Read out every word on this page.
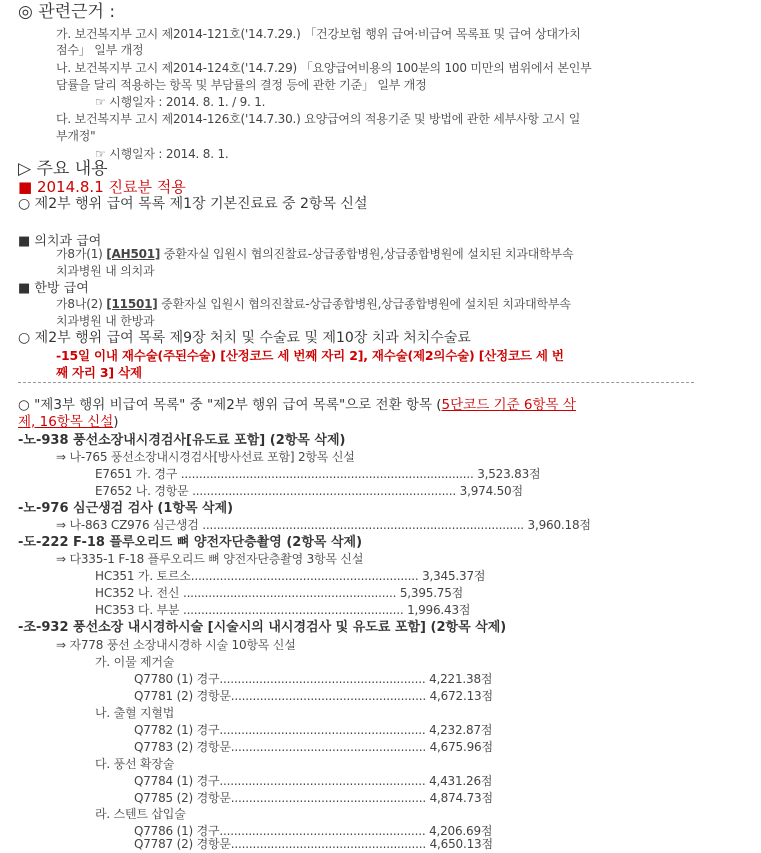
◎ 관련근거 :
가. 보건복지부 고시 제2014-121호('14.7.29.) 「건강보험 행위 급여·비급여 목록표 및 급여 상대가치
점수」 일부 개정
나. 보건복지부 고시 제2014-124호('14.7.29) 「요양급여비용의 100분의 100 미만의 범위에서 본인부
담률을 달리 적용하는 항목 및 부담률의 결정 등에 관한 기준」 일부 개정
☞ 시행일자 : 2014. 8. 1. / 9. 1.
다. 보건복지부 고시 제2014-126호('14.7.30.) 요양급여의 적용기준 및 방법에 관한 세부사항 고시 일
부개정"
☞ 시행일자 : 2014. 8. 1.
▷ 주요 내용
■ 2014.8.1 진료분 적용
○ 제2부 행위 급여 목록 제1장 기본진료료 중 2항목 신설
■ 의치과 급여
가8가(1) [AH501] 중환자실 입원시 협의진찰료-상급종합병원,상급종합병원에 설치된 치과대학부속
치과병원 내 의치과
■ 한방 급여
가8나(2) [11501] 중환자실 입원시 협의진찰료-상급종합병원,상급종합병원에 설치된 치과대학부속
치과병원 내 한방과
○ 제2부 행위 급여 목록 제9장 처치 및 수술료 및 제10장 치과 처치수술료
-15일 이내 재수술(주된수술) [산정코드 세 번째 자리 2], 재수술(제2의수술) [산정코드 세 번
째 자리 3] 삭제
○ "제3부 행위 비급여 목록" 중 "제2부 행위 급여 목록"으로 전환 항목 (5단코드 기준 6항목 삭
제, 16항목 신설)
-노-938 풍선소장내시경검사[유도료 포함] (2항목 삭제)
⇒ 나-765 풍선소장내시경검사[방사선료 포함] 2항목 신설
E7651 가. 경구 ................................................................................. 3,523.83점
E7652 나. 경항문 ......................................................................... 3,974.50점
-노-976 심근생검 검사 (1항목 삭제)
⇒ 나-863 CZ976 심근생검 ......................................................................................... 3,960.18점
-도-222 F-18 플루오리드 뼈 양전자단층촬영 (2항목 삭제)
⇒ 다335-1 F-18 플루오리드 뼈 양전자단층촬영 3항목 신설
HC351 가. 토르소............................................................... 3,345.37점
HC352 나. 전신 ........................................................... 5,395.75점
HC353 다. 부분 ............................................................. 1,996.43점
-조-932 풍선소장 내시경하시술 [시술시의 내시경검사 및 유도료 포함] (2항목 삭제)
⇒ 자778 풍선 소장내시경하 시술 10항목 신설
가. 이물 제거술
Q7780 (1) 경구......................................................... 4,221.38점
Q7781 (2) 경항문...................................................... 4,672.13점
나. 출혈 지혈법
Q7782 (1) 경구......................................................... 4,232.87점
Q7783 (2) 경항문...................................................... 4,675.96점
다. 풍선 확장술
Q7784 (1) 경구......................................................... 4,431.26점
Q7785 (2) 경항문...................................................... 4,874.73점
라. 스텐트 삽입술
Q7786 (1) 경구......................................................... 4,206.69점
Q7787 (2) 경항문...................................................... 4,650.13점
